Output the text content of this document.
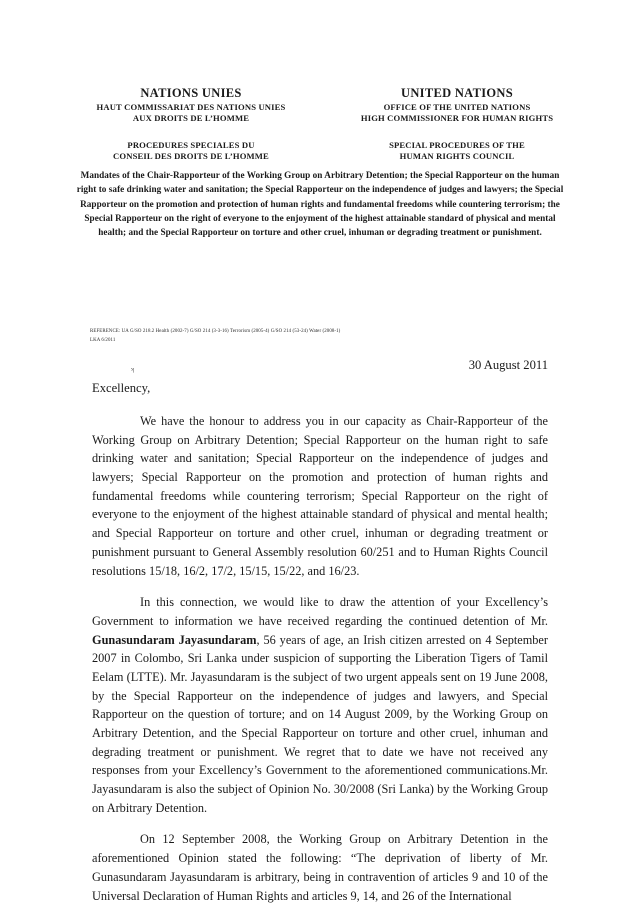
NATIONS UNIES
HAUT COMMISSARIAT DES NATIONS UNIES
AUX DROITS DE L’HOMME
PROCEDURES SPECIALES DU
CONSEIL DES DROITS DE L’HOMME
UNITED NATIONS
OFFICE OF THE UNITED NATIONS
HIGH COMMISSIONER FOR HUMAN RIGHTS
SPECIAL PROCEDURES OF THE
HUMAN RIGHTS COUNCIL
Mandates of the Chair-Rapporteur of the Working Group on Arbitrary Detention; the Special Rapporteur on the human right to safe drinking water and sanitation; the Special Rapporteur on the independence of judges and lawyers; the Special Rapporteur on the promotion and protection of human rights and fundamental freedoms while countering terrorism; the Special Rapporteur on the right of everyone to the enjoyment of the highest attainable standard of physical and mental health; and the Special Rapporteur on torture and other cruel, inhuman or degrading treatment or punishment.
REFERENCE: UA G/SO 218.2 Health (2002-7) G/SO 214 (3-3-16) Terrorism (2005-4) G/SO 214 (53-24) Water (2008-1)
LKA 6/2011
30 August 2011
ʞ
Excellency,

We have the honour to address you in our capacity as Chair-Rapporteur of the Working Group on Arbitrary Detention; Special Rapporteur on the human right to safe drinking water and sanitation; Special Rapporteur on the independence of judges and lawyers; Special Rapporteur on the promotion and protection of human rights and fundamental freedoms while countering terrorism; Special Rapporteur on the right of everyone to the enjoyment of the highest attainable standard of physical and mental health; and Special Rapporteur on torture and other cruel, inhuman or degrading treatment or punishment pursuant to General Assembly resolution 60/251 and to Human Rights Council resolutions 15/18, 16/2, 17/2, 15/15, 15/22, and 16/23.

In this connection, we would like to draw the attention of your Excellency’s Government to information we have received regarding the continued detention of Mr. Gunasundaram Jayasundaram, 56 years of age, an Irish citizen arrested on 4 September 2007 in Colombo, Sri Lanka under suspicion of supporting the Liberation Tigers of Tamil Eelam (LTTE). Mr. Jayasundaram is the subject of two urgent appeals sent on 19 June 2008, by the Special Rapporteur on the independence of judges and lawyers, and Special Rapporteur on the question of torture; and on 14 August 2009, by the Working Group on Arbitrary Detention, and the Special Rapporteur on torture and other cruel, inhuman and degrading treatment or punishment. We regret that to date we have not received any responses from your Excellency’s Government to the aforementioned communications.Mr. Jayasundaram is also the subject of Opinion No. 30/2008 (Sri Lanka) by the Working Group on Arbitrary Detention.

On 12 September 2008, the Working Group on Arbitrary Detention in the aforementioned Opinion stated the following: “The deprivation of liberty of Mr. Gunasundaram Jayasundaram is arbitrary, being in contravention of articles 9 and 10 of the Universal Declaration of Human Rights and articles 9, 14, and 26 of the International
